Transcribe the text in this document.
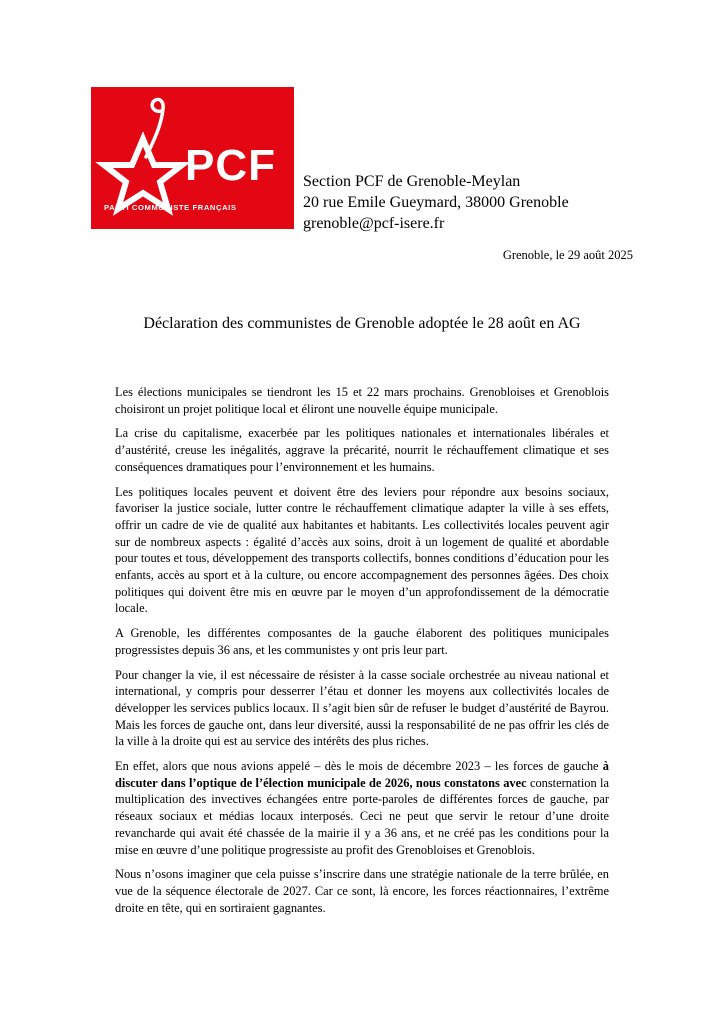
PCF
PARTI COMMUNISTE FRANÇAIS
Section PCF de Grenoble-Meylan
20 rue Emile Gueymard, 38000 Grenoble
grenoble@pcf-isere.fr
Grenoble, le 29 août 2025
Déclaration des communistes de Grenoble adoptée le 28 août en AG

Les élections municipales se tiendront les 15 et 22 mars prochains. Grenobloises et Grenoblois choisiront un projet politique local et éliront une nouvelle équipe municipale.

La crise du capitalisme, exacerbée par les politiques nationales et internationales libérales et d’austérité, creuse les inégalités, aggrave la précarité, nourrit le réchauffement climatique et ses conséquences dramatiques pour l’environnement et les humains.

Les politiques locales peuvent et doivent être des leviers pour répondre aux besoins sociaux, favoriser la justice sociale, lutter contre le réchauffement climatique adapter la ville à ses effets, offrir un cadre de vie de qualité aux habitantes et habitants. Les collectivités locales peuvent agir sur de nombreux aspects : égalité d’accès aux soins, droit à un logement de qualité et abordable pour toutes et tous, développement des transports collectifs, bonnes conditions d’éducation pour les enfants, accès au sport et à la culture, ou encore accompagnement des personnes âgées. Des choix politiques qui doivent être mis en œuvre par le moyen d’un approfondissement de la démocratie locale.

A Grenoble, les différentes composantes de la gauche élaborent des politiques municipales progressistes depuis 36 ans, et les communistes y ont pris leur part.

Pour changer la vie, il est nécessaire de résister à la casse sociale orchestrée au niveau national et international, y compris pour desserrer l’étau et donner les moyens aux collectivités locales de développer les services publics locaux. Il s’agit bien sûr de refuser le budget d’austérité de Bayrou. Mais les forces de gauche ont, dans leur diversité, aussi la responsabilité de ne pas offrir les clés de la ville à la droite qui est au service des intérêts des plus riches.

En effet, alors que nous avions appelé – dès le mois de décembre 2023 – les forces de gauche à discuter dans l’optique de l’élection municipale de 2026, nous constatons avec consternation la multiplication des invectives échangées entre porte-paroles de différentes forces de gauche, par réseaux sociaux et médias locaux interposés. Ceci ne peut que servir le retour d’une droite revancharde qui avait été chassée de la mairie il y a 36 ans, et ne créé pas les conditions pour la mise en œuvre d’une politique progressiste au profit des Grenobloises et Grenoblois.

Nous n’osons imaginer que cela puisse s’inscrire dans une stratégie nationale de la terre brûlée, en vue de la séquence électorale de 2027. Car ce sont, là encore, les forces réactionnaires, l’extrême droite en tête, qui en sortiraient gagnantes.
